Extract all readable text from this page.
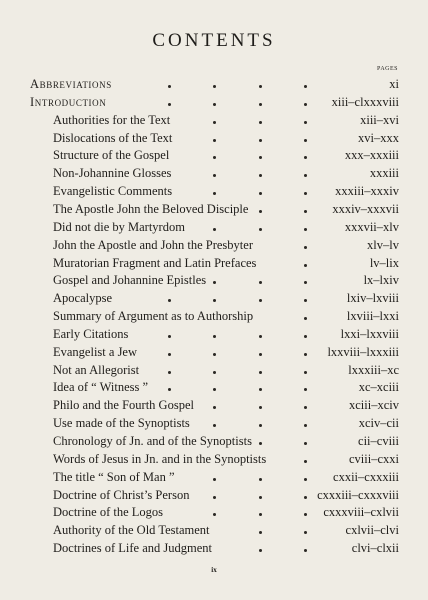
CONTENTS
PAGES
Abbreviations	xi
Introduction	xiii–clxxxviii
Authorities for the Text	xiii–xvi
Dislocations of the Text	xvi–xxx
Structure of the Gospel	xxx–xxxiii
Non-Johannine Glosses	xxxiii
Evangelistic Comments	xxxiii–xxxiv
The Apostle John the Beloved Disciple	xxxiv–xxxvii
Did not die by Martyrdom	xxxvii–xlv
John the Apostle and John the Presbyter	xlv–lv
Muratorian Fragment and Latin Prefaces	lv–lix
Gospel and Johannine Epistles	lx–lxiv
Apocalypse	lxiv–lxviii
Summary of Argument as to Authorship	lxviii–lxxi
Early Citations	lxxi–lxxviii
Evangelist a Jew	lxxviii–lxxxiii
Not an Allegorist	lxxxiii–xc
Idea of “ Witness ”	xc–xciii
Philo and the Fourth Gospel	xciii–xciv
Use made of the Synoptists	xciv–cii
Chronology of Jn. and of the Synoptists	cii–cviii
Words of Jesus in Jn. and in the Synoptists	cviii–cxxi
The title “ Son of Man ”	cxxii–cxxxiii
Doctrine of Christ’s Person	cxxxiii–cxxxviii
Doctrine of the Logos	cxxxviii–cxlvii
Authority of the Old Testament	cxlvii–clvi
Doctrines of Life and Judgment	clvi–clxii
ix
